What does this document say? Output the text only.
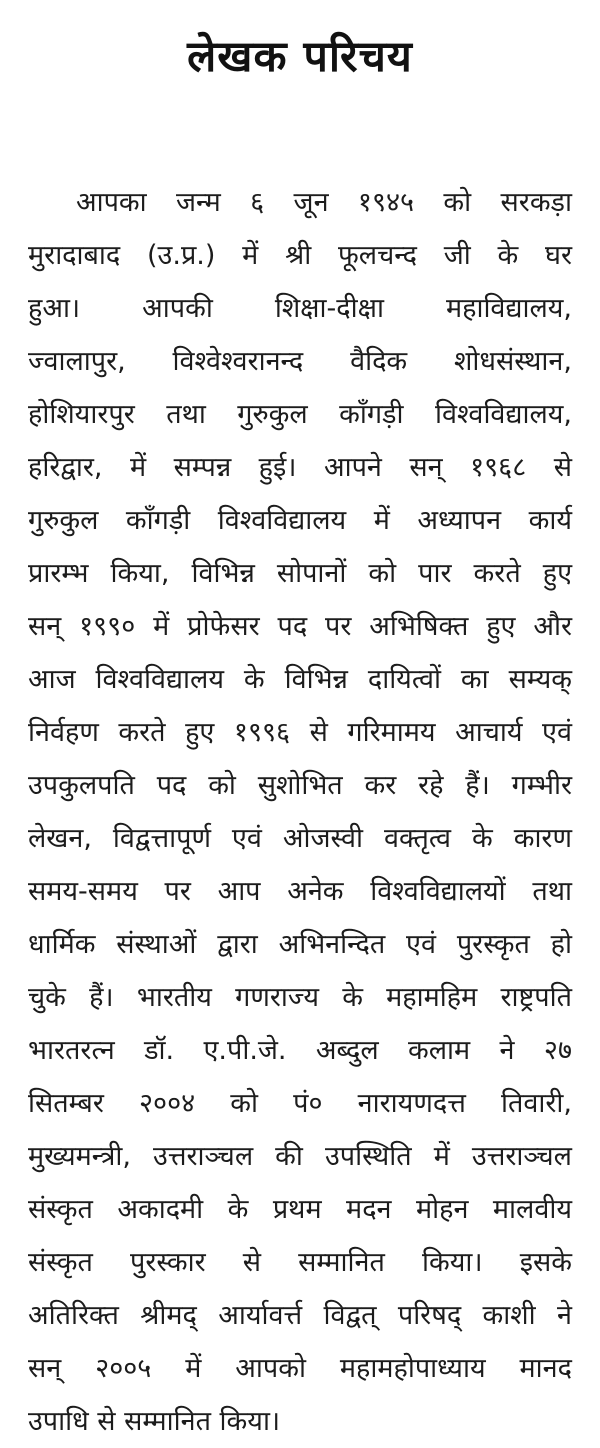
लेखक परिचय
आपका जन्म ६ जून १९४५ को सरकड़ा
मुरादाबाद (उ.प्र.) में श्री फूलचन्द जी के घर
हुआ। आपकी शिक्षा-दीक्षा महाविद्यालय,
ज्वालापुर, विश्वेश्वरानन्द वैदिक शोधसंस्थान,
होशियारपुर तथा गुरुकुल काँगड़ी विश्वविद्यालय,
हरिद्वार, में सम्पन्न हुई। आपने सन् १९६८ से
गुरुकुल काँगड़ी विश्वविद्यालय में अध्यापन कार्य
प्रारम्भ किया, विभिन्न सोपानों को पार करते हुए
सन् १९९० में प्रोफेसर पद पर अभिषिक्त हुए और
आज विश्वविद्यालय के विभिन्न दायित्वों का सम्यक्
निर्वहण करते हुए १९९६ से गरिमामय आचार्य एवं
उपकुलपति पद को सुशोभित कर रहे हैं। गम्भीर
लेखन, विद्वत्तापूर्ण एवं ओजस्वी वक्तृत्व के कारण
समय-समय पर आप अनेक विश्वविद्यालयों तथा
धार्मिक संस्थाओं द्वारा अभिनन्दित एवं पुरस्कृत हो
चुके हैं। भारतीय गणराज्य के महामहिम राष्ट्रपति
भारतरत्न डॉ. ए.पी.जे. अब्दुल कलाम ने २७
सितम्बर २००४ को पं० नारायणदत्त तिवारी,
मुख्यमन्त्री, उत्तराञ्चल की उपस्थिति में उत्तराञ्चल
संस्कृत अकादमी के प्रथम मदन मोहन मालवीय
संस्कृत पुरस्कार से सम्मानित किया। इसके
अतिरिक्त श्रीमद् आर्यावर्त्त विद्वत् परिषद् काशी ने
सन् २००५ में आपको महामहोपाध्याय मानद
उपाधि से सम्मानित किया।
